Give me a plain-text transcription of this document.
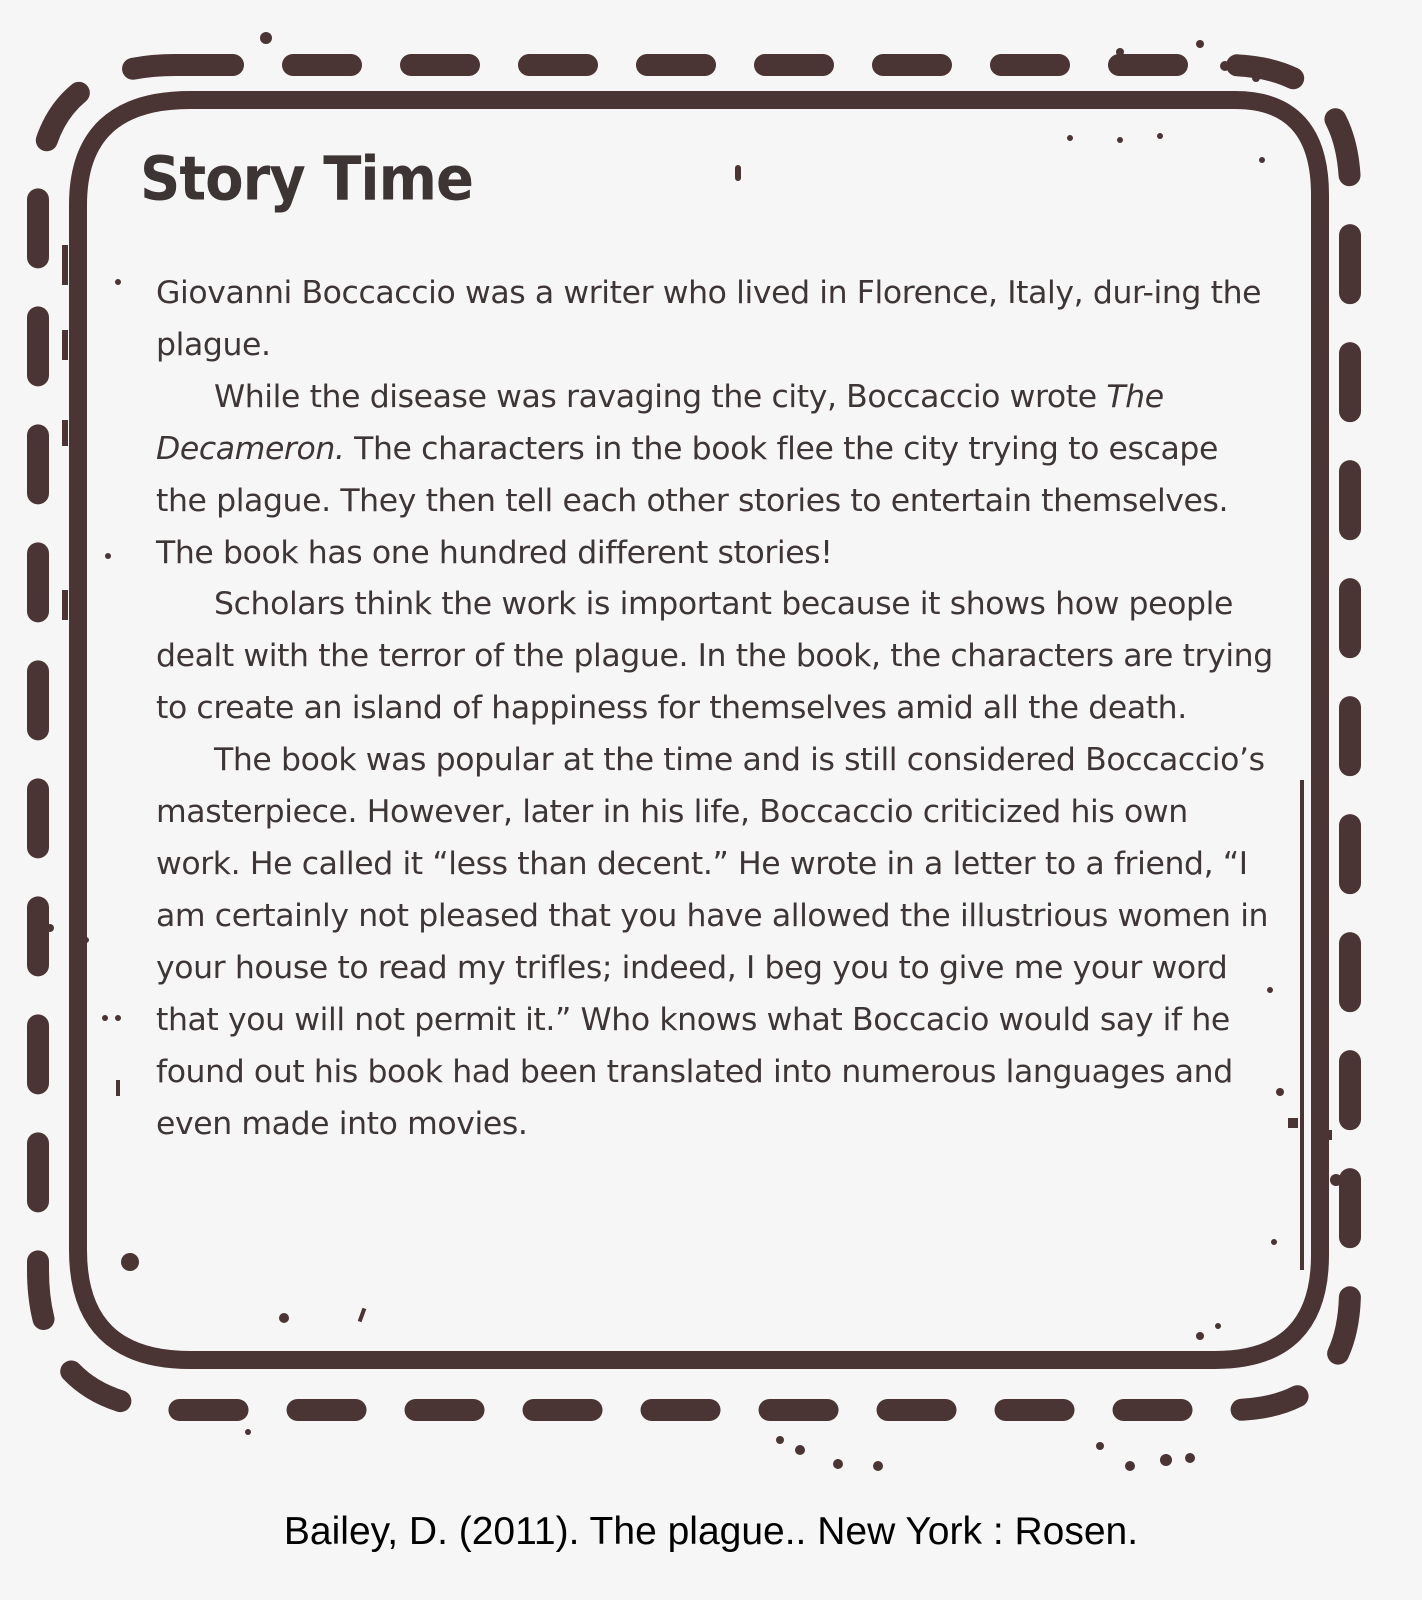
Story Time

Giovanni Boccaccio was a writer who lived in Florence, Italy, dur-ing the plague.

While the disease was ravaging the city, Boccaccio wrote The Decameron. The characters in the book flee the city trying to escape the plague. They then tell each other stories to entertain themselves. The book has one hundred different stories!

Scholars think the work is important because it shows how people dealt with the terror of the plague. In the book, the characters are trying to create an island of happiness for themselves amid all the death.

The book was popular at the time and is still considered Boccaccio’s masterpiece. However, later in his life, Boccaccio criticized his own work. He called it “less than decent.” He wrote in a letter to a friend, “I am certainly not pleased that you have allowed the illustrious women in your house to read my trifles; indeed, I beg you to give me your word that you will not permit it.” Who knows what Boccacio would say if he found out his book had been translated into numerous languages and even made into movies.

Bailey, D. (2011). The plague.. New York : Rosen.
